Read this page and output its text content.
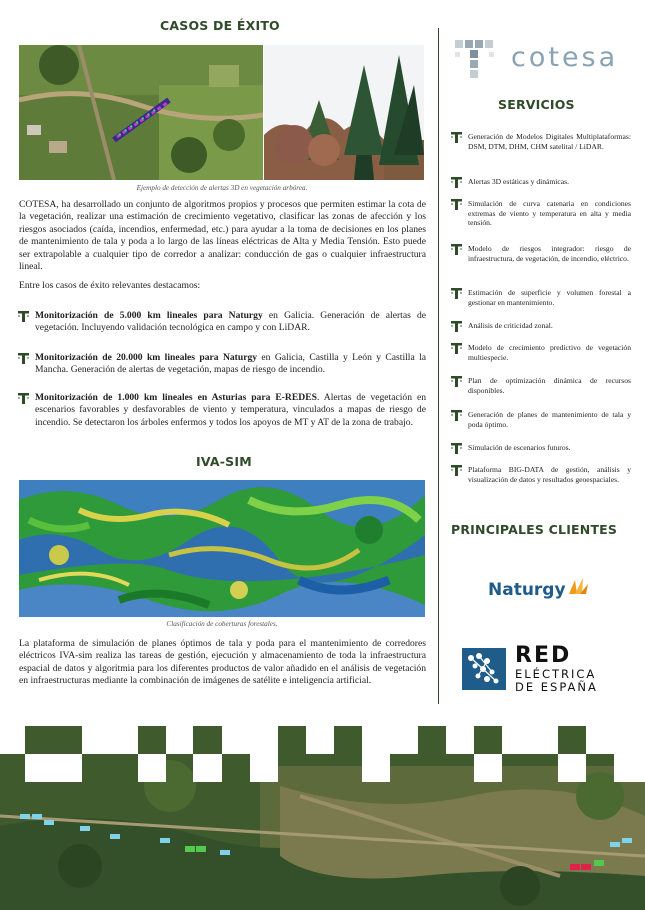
CASOS DE ÉXITO
Ejemplo de detección de alertas 3D en vegetación arbórea.
COTESA, ha desarrollado un conjunto de algoritmos propios y procesos que permiten estimar la cota de la vegetación, realizar una estimación de crecimiento vegetativo, clasificar las zonas de afección y los riesgos asociados (caída, incendios, enfermedad, etc.) para ayudar a la toma de decisiones en los planes de mantenimiento de tala y poda a lo largo de las líneas eléctricas de Alta y Media Tensión. Esto puede ser extrapolable a cualquier tipo de corredor a analizar: conducción de gas o cualquier infraestructura lineal.
Entre los casos de éxito relevantes destacamos:
Monitorización de 5.000 km lineales para Naturgy en Galicia. Generación de alertas de vegetación. Incluyendo validación tecnológica en campo y con LiDAR.
Monitorización de 20.000 km lineales para Naturgy en Galicia, Castilla y León y Castilla la Mancha. Generación de alertas de vegetación, mapas de riesgo de incendio.
Monitorización de 1.000 km lineales en Asturias para E-REDES. Alertas de vegetación en escenarios favorables y desfavorables de viento y temperatura, vinculados a mapas de riesgo de incendio. Se detectaron los árboles enfermos y todos los apoyos de MT y AT de la zona de trabajo.
IVA-SIM
Clasificación de coberturas forestales.
La plataforma de simulación de planes óptimos de tala y poda para el mantenimiento de corredores eléctricos IVA-sim realiza las tareas de gestión, ejecución y almacenamiento de toda la infraestructura espacial de datos y algoritmia para los diferentes productos de valor añadido en el análisis de vegetación en infraestructuras mediante la combinación de imágenes de satélite e inteligencia artificial.
cotesa
SERVICIOS
Generación de Modelos Digitales Multiplataformas: DSM, DTM, DHM, CHM satelital / LiDAR.
Alertas 3D estáticas y dinámicas.
Simulación de curva catenaria en condiciones extremas de viento y temperatura en alta y media tensión.
Modelo de riesgos integrador: riesgo de infraestructura, de vegetación, de incendio, eléctrico.
Estimación de superficie y volumen forestal a gestionar en mantenimiento.
Análisis de criticidad zonal.
Modelo de crecimiento predictivo de vegetación multiespecie.
Plan de optimización dinámica de recursos disponibles.
Generación de planes de mantenimiento de tala y poda óptimo.
Simulación de escenarios futuros.
Plataforma BIG-DATA de gestión, análisis y visualización de datos y resultados geoespaciales.
PRINCIPALES CLIENTES
Naturgy
RED
ELÉCTRICA
DE ESPAÑA
